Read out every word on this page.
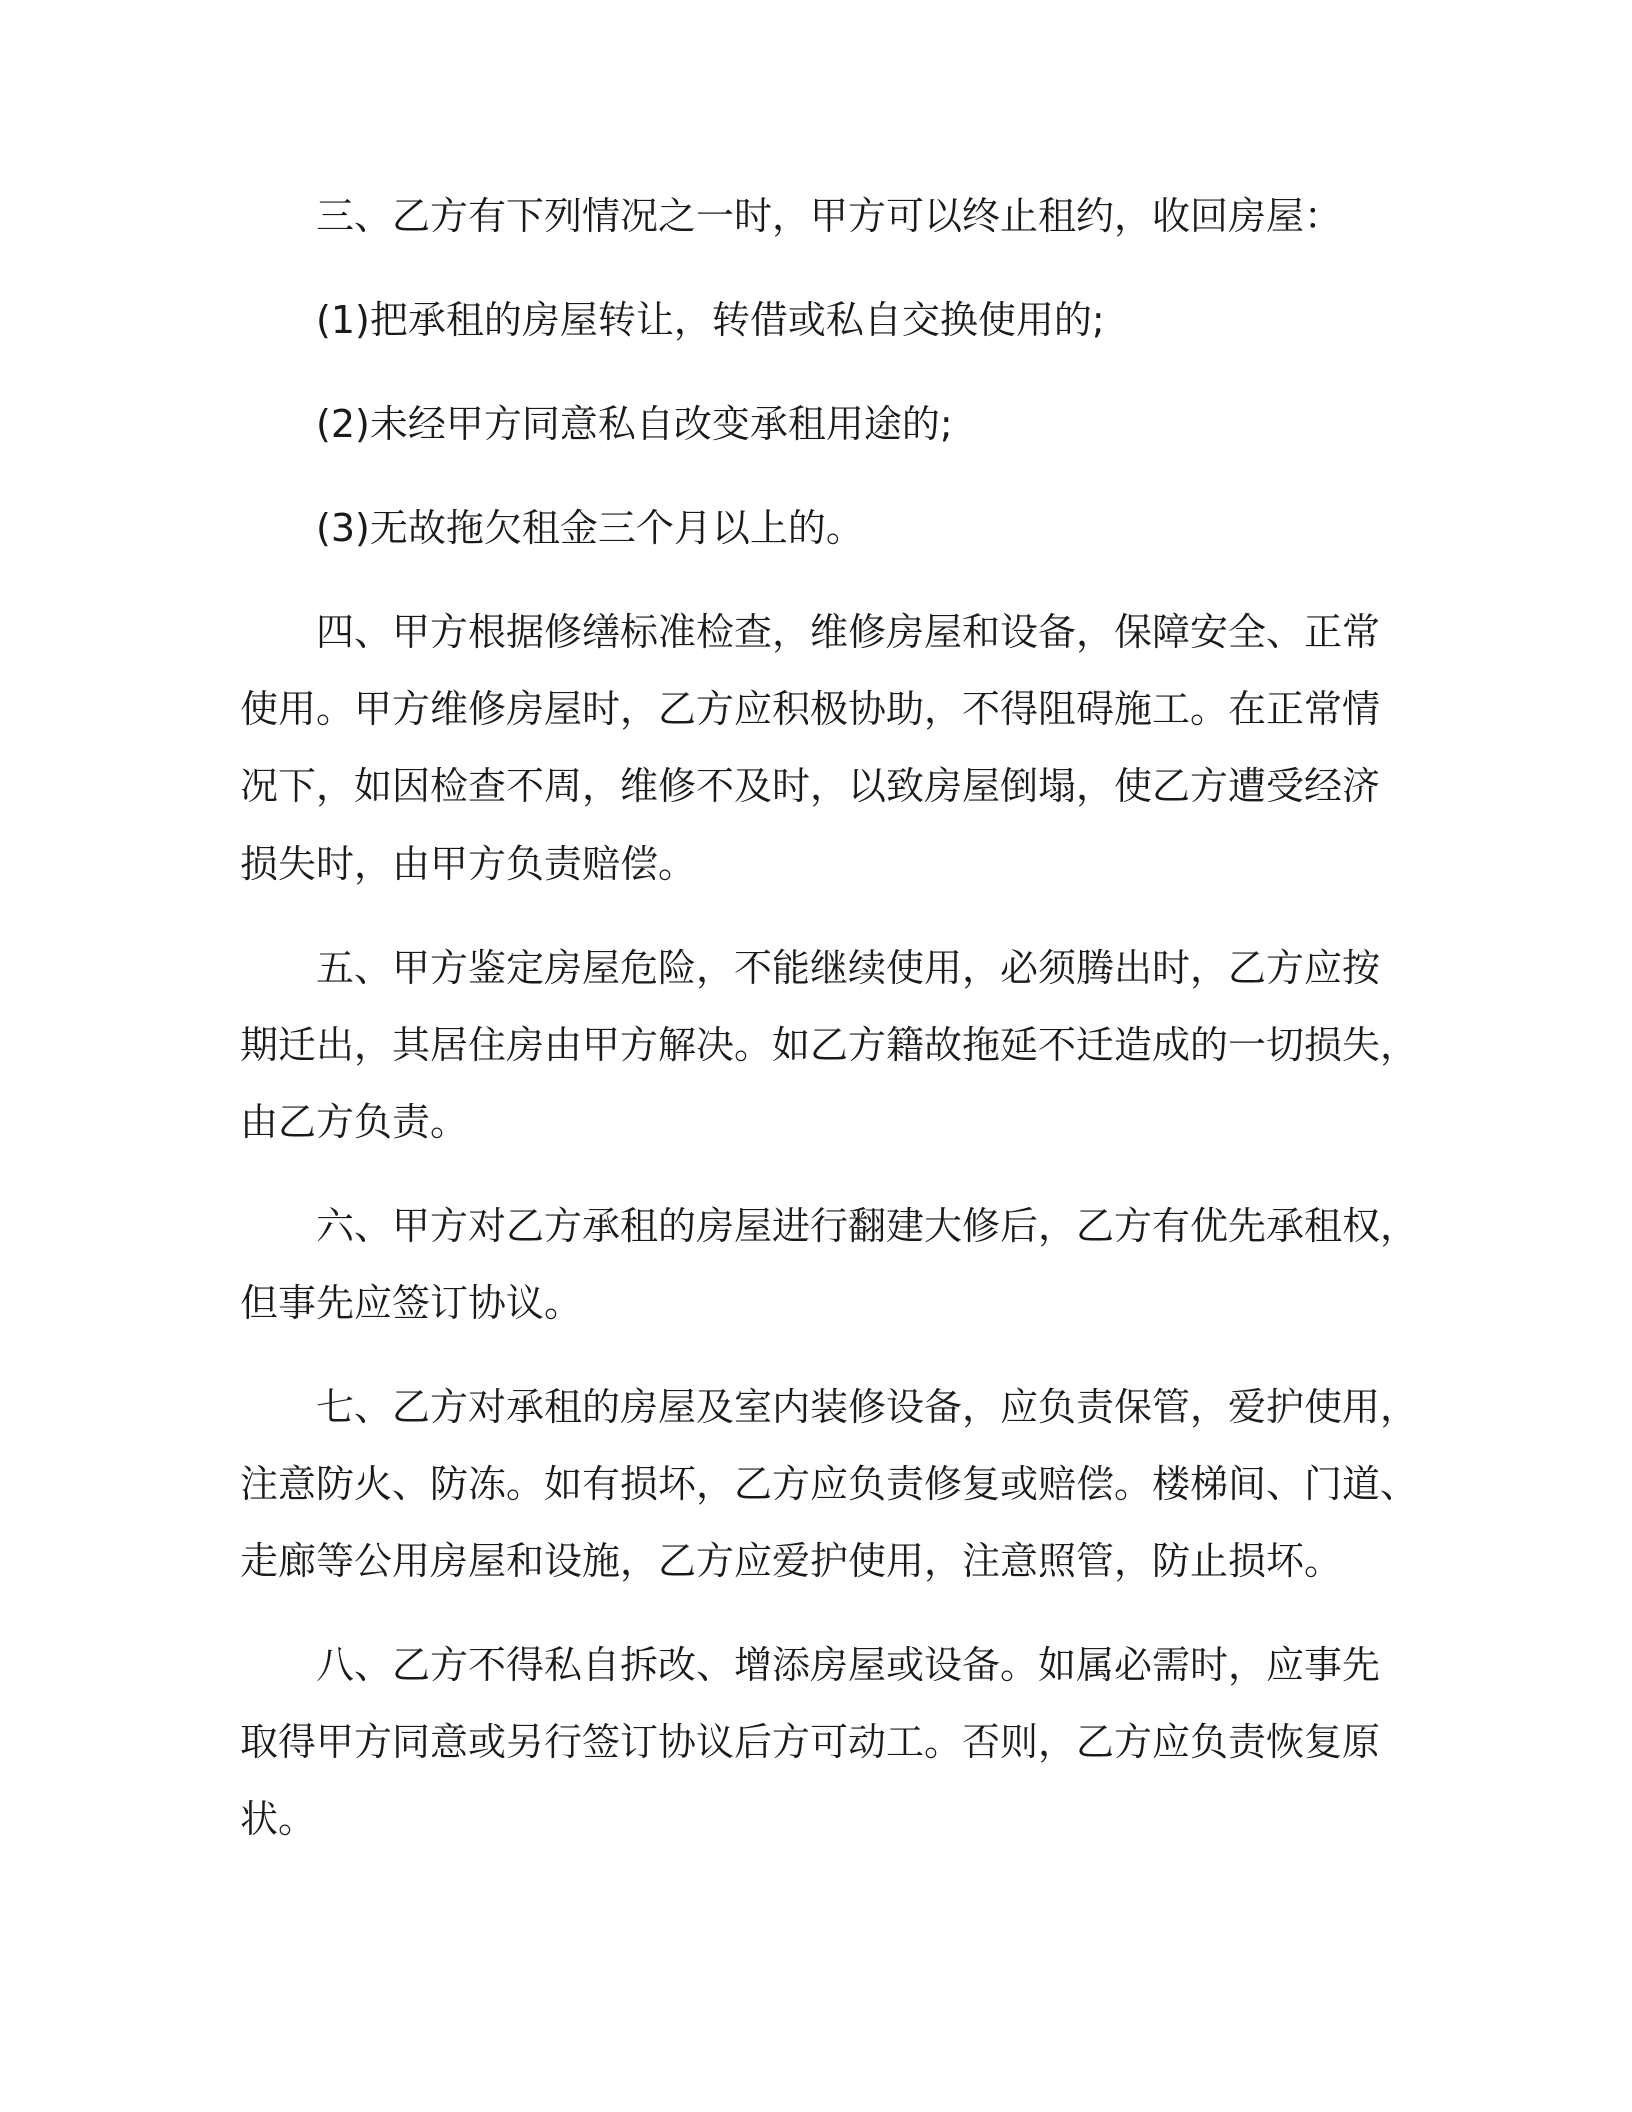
　　三、乙方有下列情况之一时，甲方可以终止租约，收回房屋：

　　(1)把承租的房屋转让，转借或私自交换使用的;

　　(2)未经甲方同意私自改变承租用途的;

　　(3)无故拖欠租金三个月以上的。

　　四、甲方根据修缮标准检查，维修房屋和设备，保障安全、正常

使用。甲方维修房屋时，乙方应积极协助，不得阻碍施工。在正常情

况下，如因检查不周，维修不及时，以致房屋倒塌，使乙方遭受经济

损失时，由甲方负责赔偿。

　　五、甲方鉴定房屋危险，不能继续使用，必须腾出时，乙方应按

期迁出，其居住房由甲方解决。如乙方籍故拖延不迁造成的一切损失，

由乙方负责。

　　六、甲方对乙方承租的房屋进行翻建大修后，乙方有优先承租权，

但事先应签订协议。

　　七、乙方对承租的房屋及室内装修设备，应负责保管，爱护使用，

注意防火、防冻。如有损坏，乙方应负责修复或赔偿。楼梯间、门道、

走廊等公用房屋和设施，乙方应爱护使用，注意照管，防止损坏。

　　八、乙方不得私自拆改、增添房屋或设备。如属必需时，应事先

取得甲方同意或另行签订协议后方可动工。否则，乙方应负责恢复原

状。
